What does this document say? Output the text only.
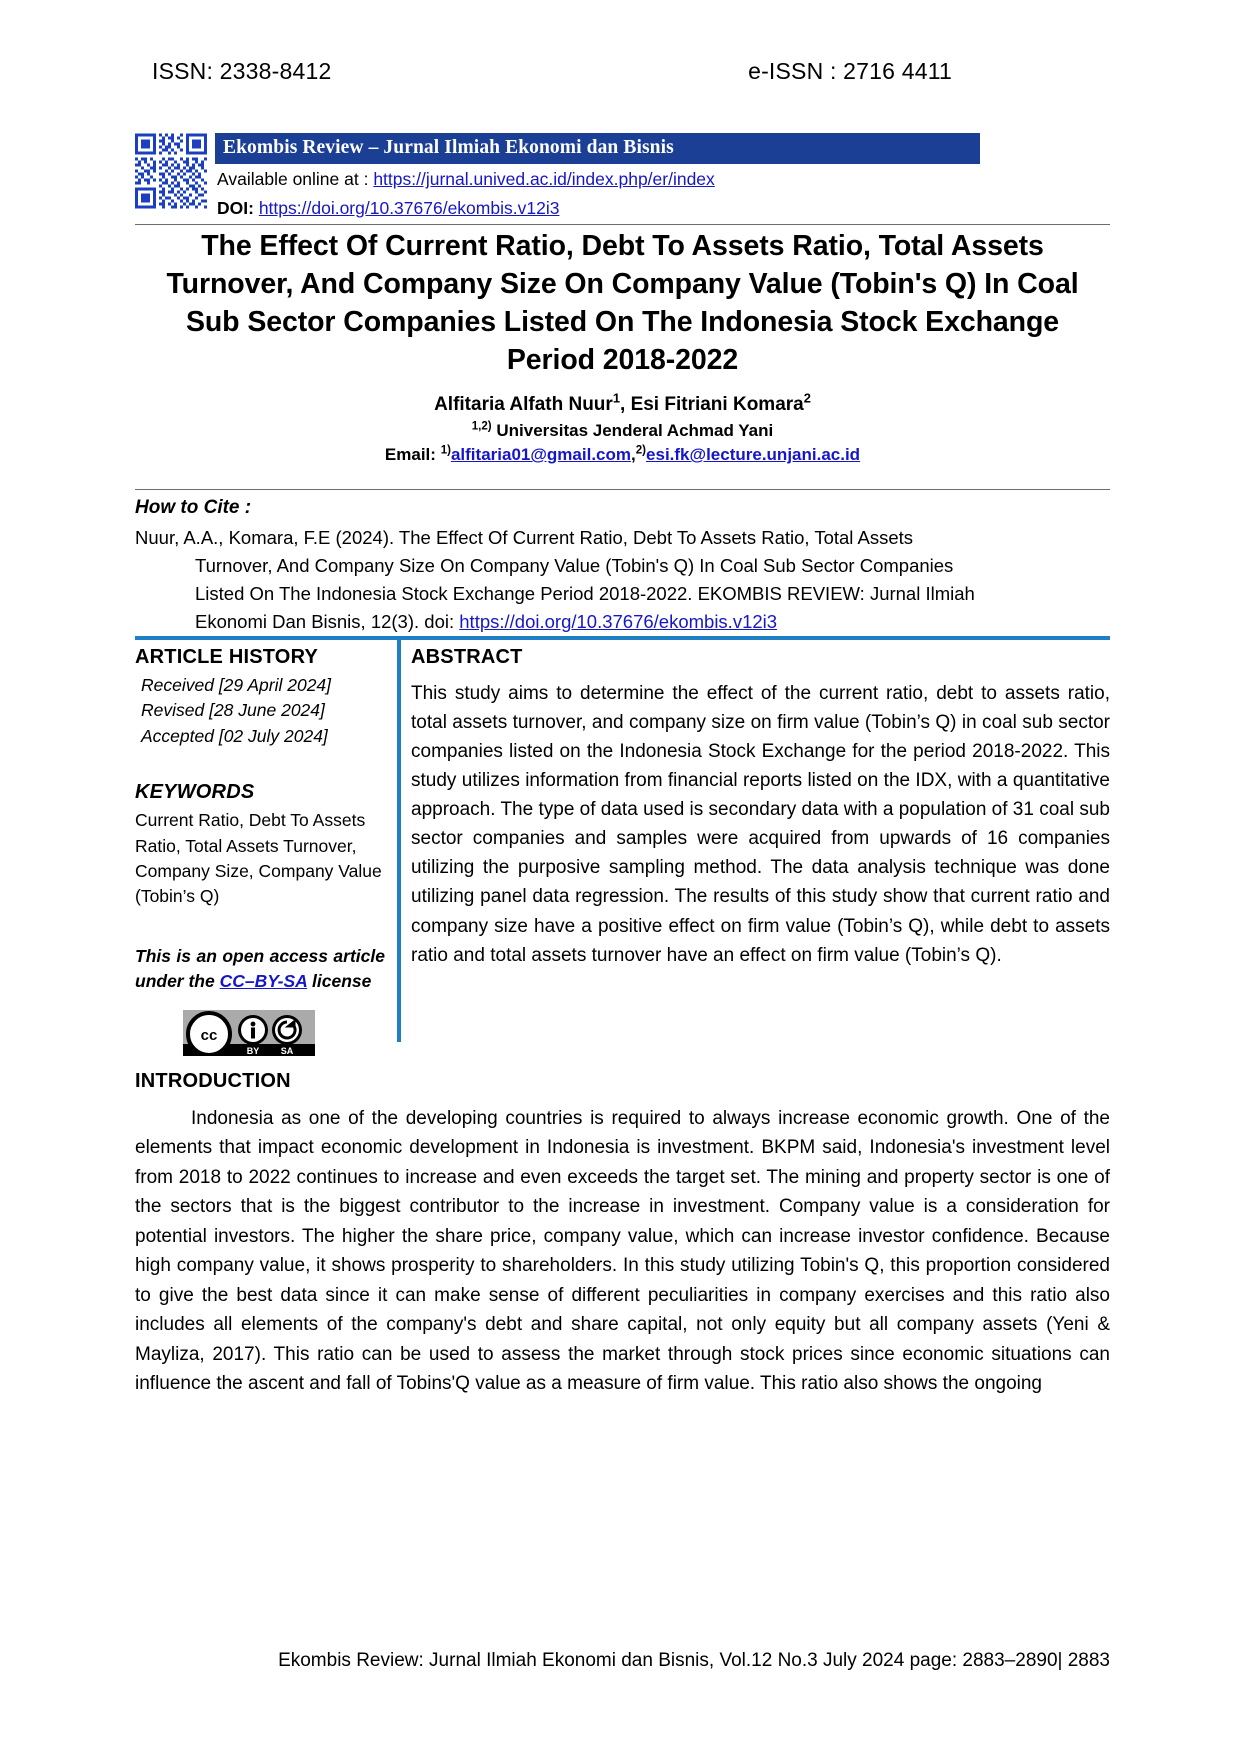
ISSN: 2338-8412	e-ISSN : 2716 4411
Ekombis Review – Jurnal Ilmiah Ekonomi dan Bisnis
Available online at : https://jurnal.unived.ac.id/index.php/er/index
DOI: https://doi.org/10.37676/ekombis.v12i3
The Effect Of Current Ratio, Debt To Assets Ratio, Total Assets Turnover, And Company Size On Company Value (Tobin's Q) In Coal Sub Sector Companies Listed On The Indonesia Stock Exchange Period 2018-2022
Alfitaria Alfath Nuur$^1$, Esi Fitriani Komara$^2$
$^{1,2)}$ Universitas Jenderal Achmad Yani
Email: $^{1)}$alfitaria01@gmail.com,$^{2)}$esi.fk@lecture.unjani.ac.id
How to Cite :
Nuur, A.A., Komara, F.E (2024). The Effect Of Current Ratio, Debt To Assets Ratio, Total Assets
Turnover, And Company Size On Company Value (Tobin's Q) In Coal Sub Sector Companies
Listed On The Indonesia Stock Exchange Period 2018-2022. EKOMBIS REVIEW: Jurnal Ilmiah
Ekonomi Dan Bisnis, 12(3). doi: https://doi.org/10.37676/ekombis.v12i3
ARTICLE HISTORY
Received [29 April 2024]
Revised [28 June 2024]
Accepted [02 July 2024]
KEYWORDS
Current Ratio, Debt To Assets Ratio, Total Assets Turnover, Company Size, Company Value (Tobin’s Q)
This is an open access article under the CC–BY-SA license
cc
BY SA
ABSTRACT
This study aims to determine the effect of the current ratio, debt to assets ratio, total assets turnover, and company size on firm value (Tobin’s Q) in coal sub sector companies listed on the Indonesia Stock Exchange for the period 2018-2022. This study utilizes information from financial reports listed on the IDX, with a quantitative approach. The type of data used is secondary data with a population of 31 coal sub sector companies and samples were acquired from upwards of 16 companies utilizing the purposive sampling method. The data analysis technique was done utilizing panel data regression. The results of this study show that current ratio and company size have a positive effect on firm value (Tobin’s Q), while debt to assets ratio and total assets turnover have an effect on firm value (Tobin’s Q).
INTRODUCTION
Indonesia as one of the developing countries is required to always increase economic growth. One of the elements that impact economic development in Indonesia is investment. BKPM said, Indonesia's investment level from 2018 to 2022 continues to increase and even exceeds the target set. The mining and property sector is one of the sectors that is the biggest contributor to the increase in investment. Company value is a consideration for potential investors. The higher the share price, company value, which can increase investor confidence. Because high company value, it shows prosperity to shareholders. In this study utilizing Tobin's Q, this proportion considered to give the best data since it can make sense of different peculiarities in company exercises and this ratio also includes all elements of the company's debt and share capital, not only equity but all company assets (Yeni & Mayliza, 2017). This ratio can be used to assess the market through stock prices since economic situations can influence the ascent and fall of Tobins'Q value as a measure of firm value. This ratio also shows the ongoing
Ekombis Review: Jurnal Ilmiah Ekonomi dan Bisnis, Vol.12 No.3 July 2024 page: 2883–2890| 2883
